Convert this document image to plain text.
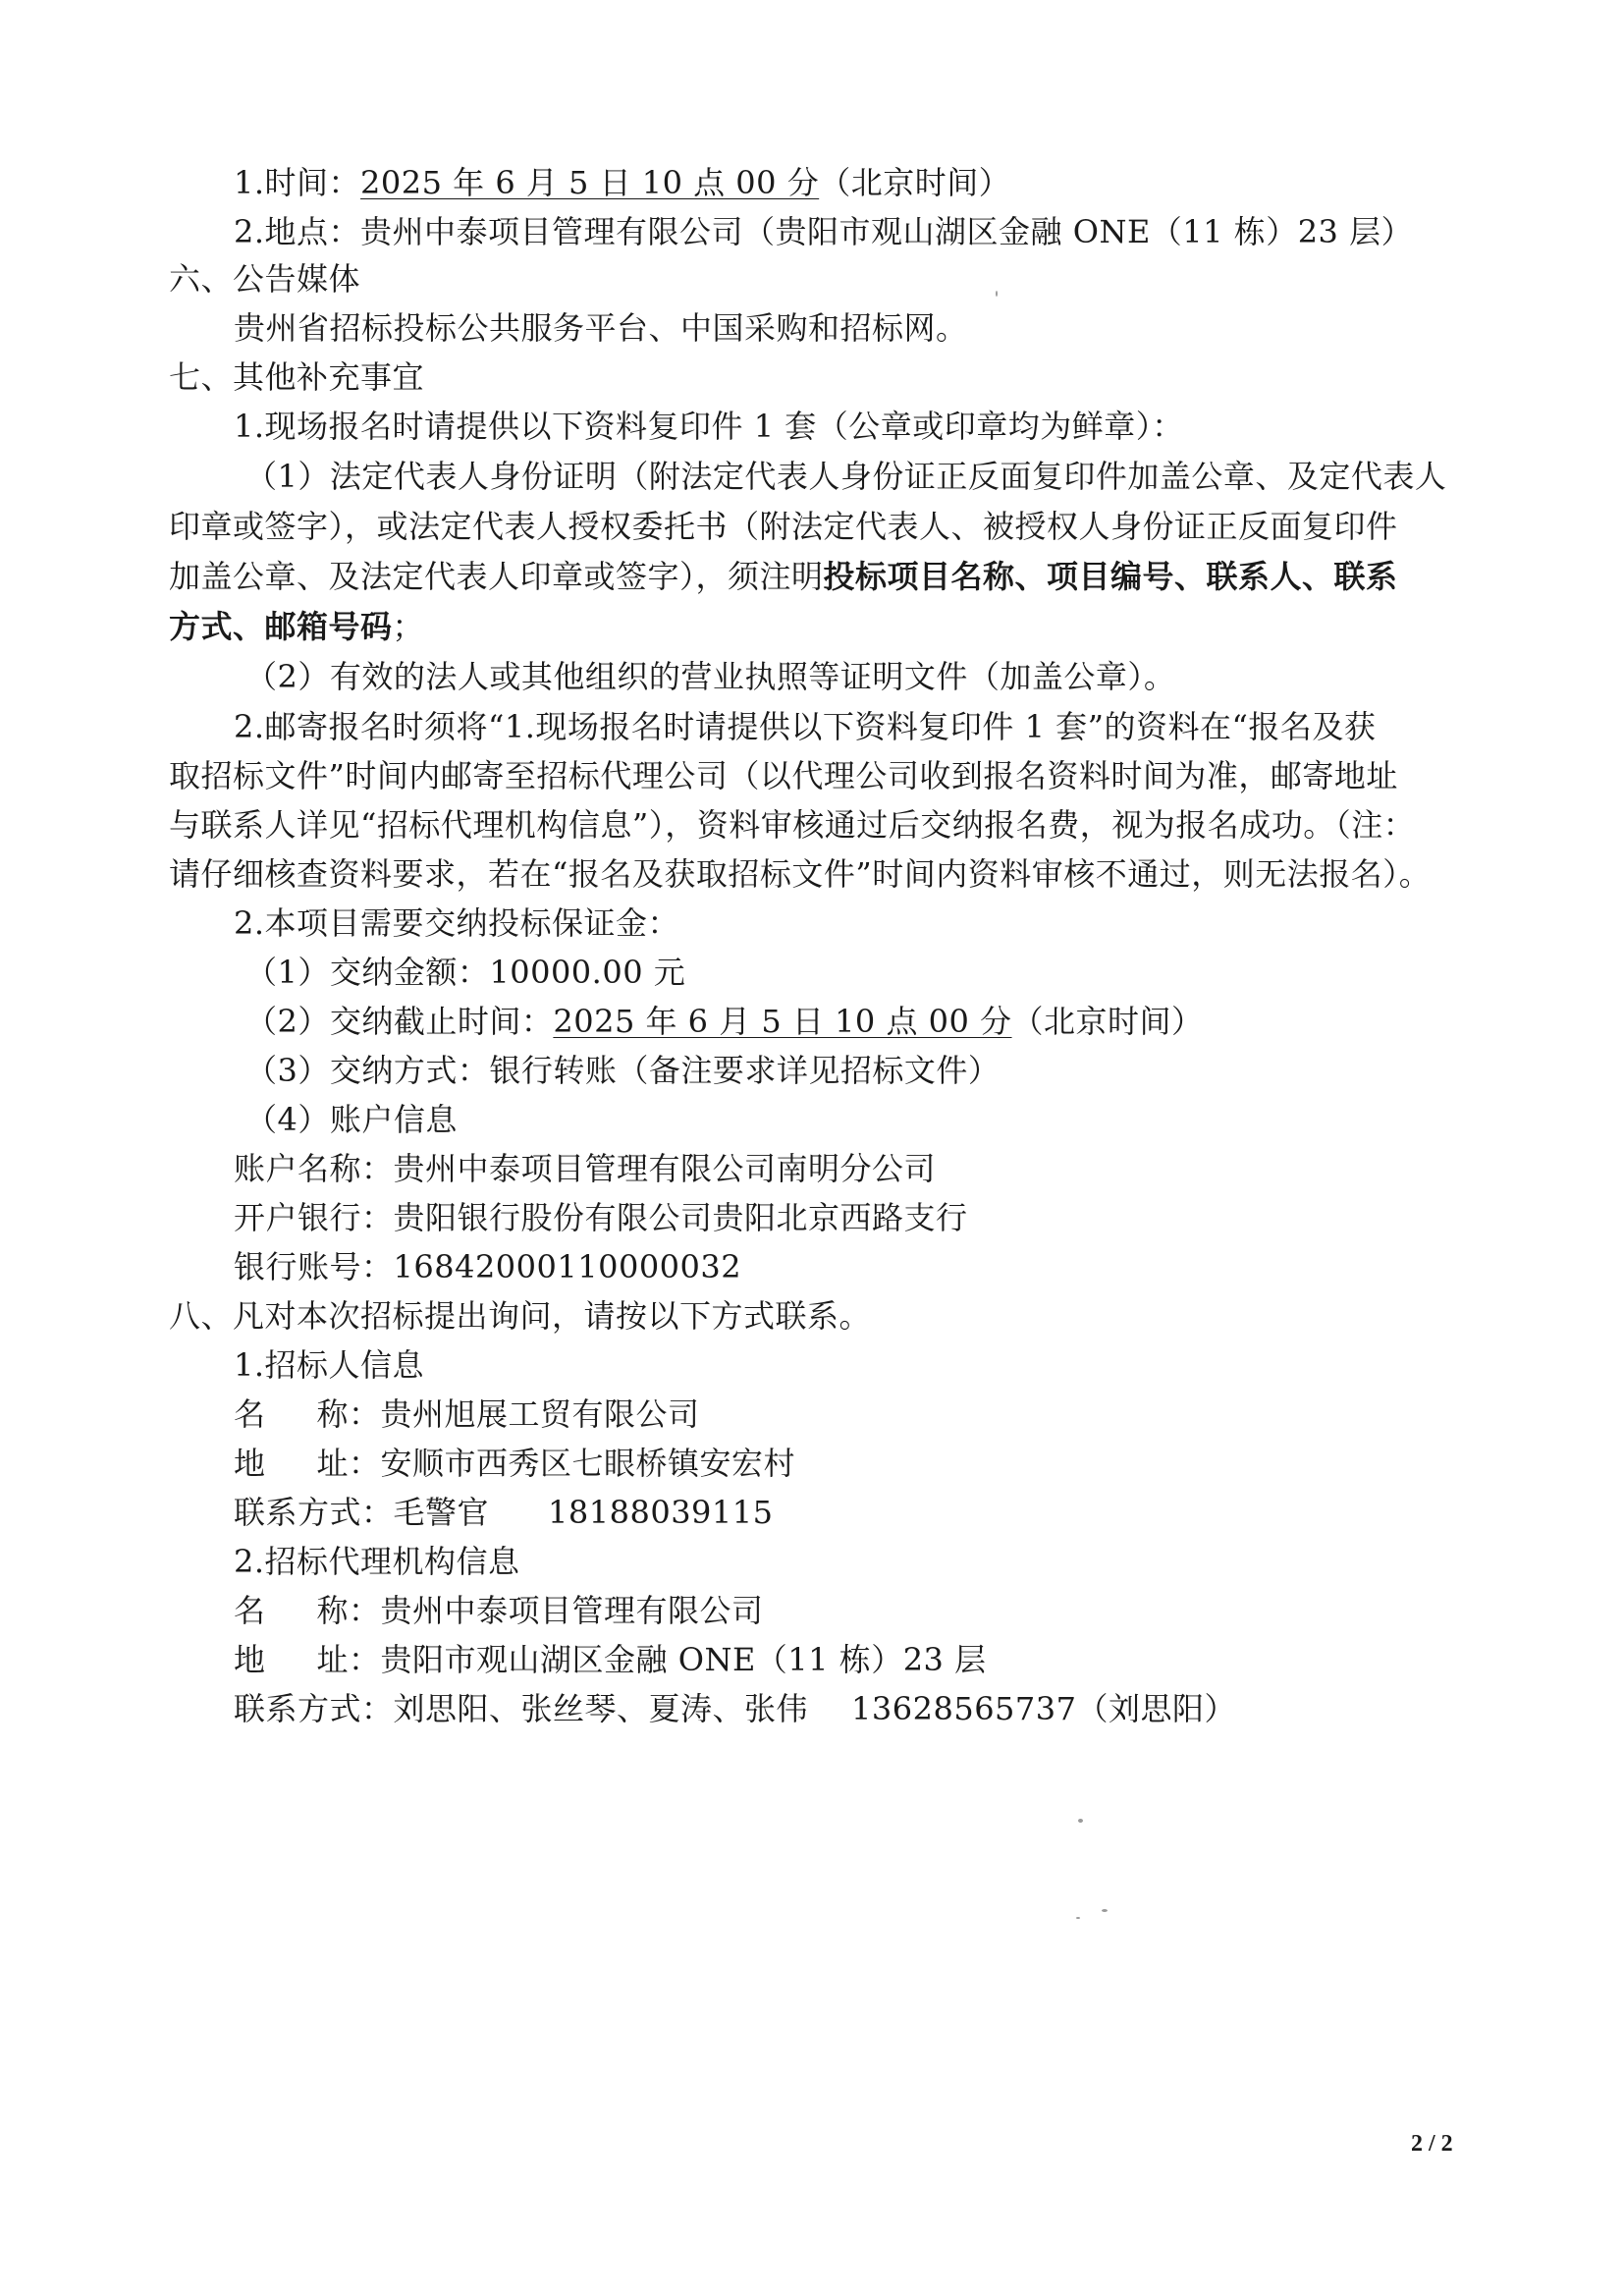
1.时间：2025 年 6 月 5 日 10 点 00 分（北京时间）
2.地点：贵州中泰项目管理有限公司（贵阳市观山湖区金融 ONE（11 栋）23 层）
六、公告媒体
贵州省招标投标公共服务平台、中国采购和招标网。
七、其他补充事宜
1.现场报名时请提供以下资料复印件 1 套（公章或印章均为鲜章）：
（1）法定代表人身份证明（附法定代表人身份证正反面复印件加盖公章、及定代表人
印章或签字），或法定代表人授权委托书（附法定代表人、被授权人身份证正反面复印件
加盖公章、及法定代表人印章或签字），须注明投标项目名称、项目编号、联系人、联系
方式、邮箱号码；
（2）有效的法人或其他组织的营业执照等证明文件（加盖公章）。
2.邮寄报名时须将“1.现场报名时请提供以下资料复印件 1 套”的资料在“报名及获
取招标文件”时间内邮寄至招标代理公司（以代理公司收到报名资料时间为准，邮寄地址
与联系人详见“招标代理机构信息”），资料审核通过后交纳报名费，视为报名成功。（注：
请仔细核查资料要求，若在“报名及获取招标文件”时间内资料审核不通过，则无法报名）。
2.本项目需要交纳投标保证金：
（1）交纳金额：10000.00 元
（2）交纳截止时间：2025 年 6 月 5 日 10 点 00 分（北京时间）
（3）交纳方式：银行转账（备注要求详见招标文件）
（4）账户信息
账户名称：贵州中泰项目管理有限公司南明分公司
开户银行：贵阳银行股份有限公司贵阳北京西路支行
银行账号：16842000110000032
八、凡对本次招标提出询问，请按以下方式联系。
1.招标人信息
名 称：贵州旭展工贸有限公司
地 址：安顺市西秀区七眼桥镇安宏村
联系方式：毛警官 18188039115
2.招标代理机构信息
名 称：贵州中泰项目管理有限公司
地 址：贵阳市观山湖区金融 ONE（11 栋）23 层
联系方式：刘思阳、张丝琴、夏涛、张伟 13628565737（刘思阳）
2 / 2
